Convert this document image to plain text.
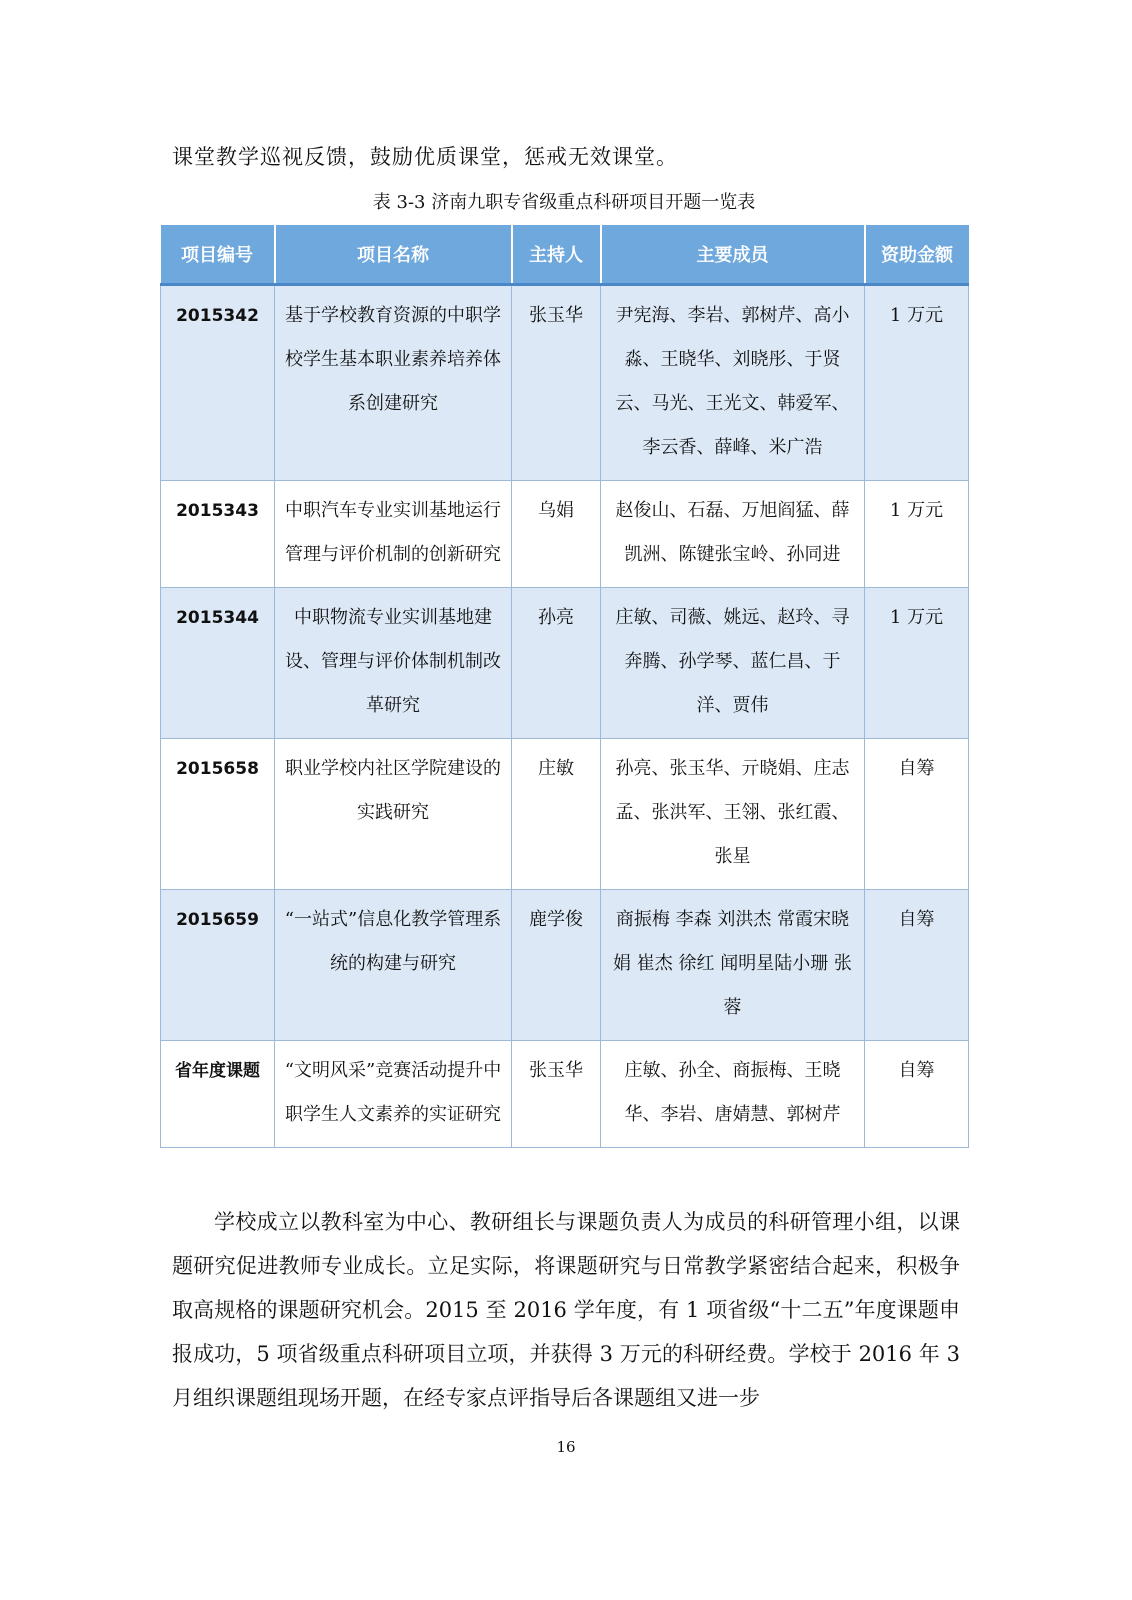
课堂教学巡视反馈，鼓励优质课堂，惩戒无效课堂。

表 3-3 济南九职专省级重点科研项目开题一览表

项目编号	项目名称	主持人	主要成员	资助金额
2015342	基于学校教育资源的中职学校学生基本职业素养培养体系创建研究	张玉华	尹宪海、李岩、郭树芹、高小淼、王晓华、刘晓彤、于贤云、马光、王光文、韩爱军、李云香、薛峰、米广浩	1 万元
2015343	中职汽车专业实训基地运行管理与评价机制的创新研究	乌娟	赵俊山、石磊、万旭阎猛、薛凯洲、陈键张宝岭、孙同进	1 万元
2015344	中职物流专业实训基地建设、管理与评价体制机制改革研究	孙亮	庄敏、司薇、姚远、赵玲、寻奔腾、孙学琴、蓝仁昌、于洋、贾伟	1 万元
2015658	职业学校内社区学院建设的实践研究	庄敏	孙亮、张玉华、亓晓娟、庄志孟、张洪军、王翎、张红霞、张星	自筹
2015659	“一站式”信息化教学管理系统的构建与研究	鹿学俊	商振梅 李森 刘洪杰 常霞宋晓娟 崔杰 徐红 闻明星陆小珊 张蓉	自筹
省年度课题	“文明风采”竞赛活动提升中职学生人文素养的实证研究	张玉华	庄敏、孙全、商振梅、王晓华、李岩、唐婧慧、郭树芹	自筹

学校成立以教科室为中心、教研组长与课题负责人为成员的科研管理小组，以课题研究促进教师专业成长。立足实际，将课题研究与日常教学紧密结合起来，积极争取高规格的课题研究机会。2015 至 2016 学年度，有 1 项省级“十二五”年度课题申报成功，5 项省级重点科研项目立项，并获得 3 万元的科研经费。学校于 2016 年 3 月组织课题组现场开题，在经专家点评指导后各课题组又进一步

16
